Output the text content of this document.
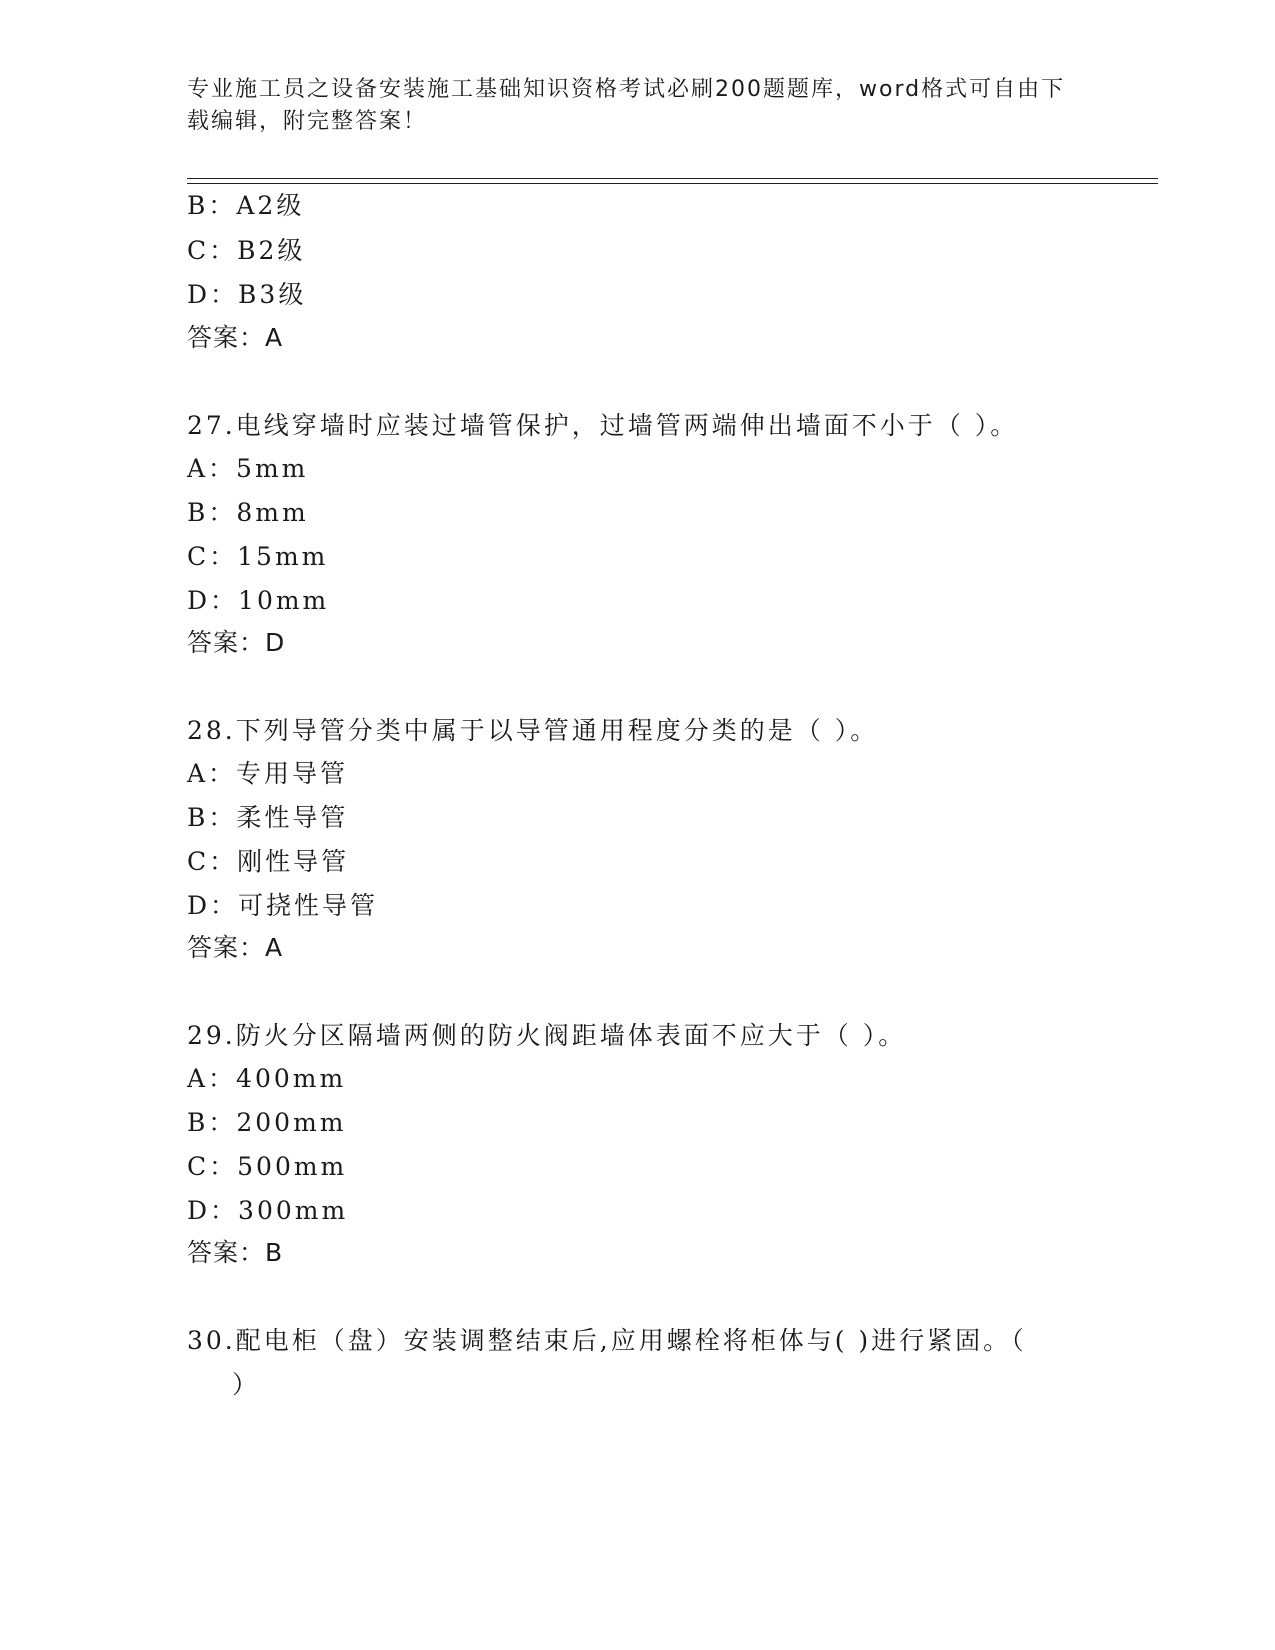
专业施工员之设备安装施工基础知识资格考试必刷200题题库，word格式可自由下载编辑，附完整答案！
B：A2级
C：B2级
D：B3级
答案：A
27.电线穿墙时应装过墙管保护，过墙管两端伸出墙面不小于（ ）。
A：5mm
B：8mm
C：15mm
D：10mm
答案：D
28.下列导管分类中属于以导管通用程度分类的是（ ）。
A：专用导管
B：柔性导管
C：刚性导管
D：可挠性导管
答案：A
29.防火分区隔墙两侧的防火阀距墙体表面不应大于（ ）。
A：400mm
B：200mm
C：500mm
D：300mm
答案：B
30.配电柜（盘）安装调整结束后,应用螺栓将柜体与( )进行紧固。（
）
